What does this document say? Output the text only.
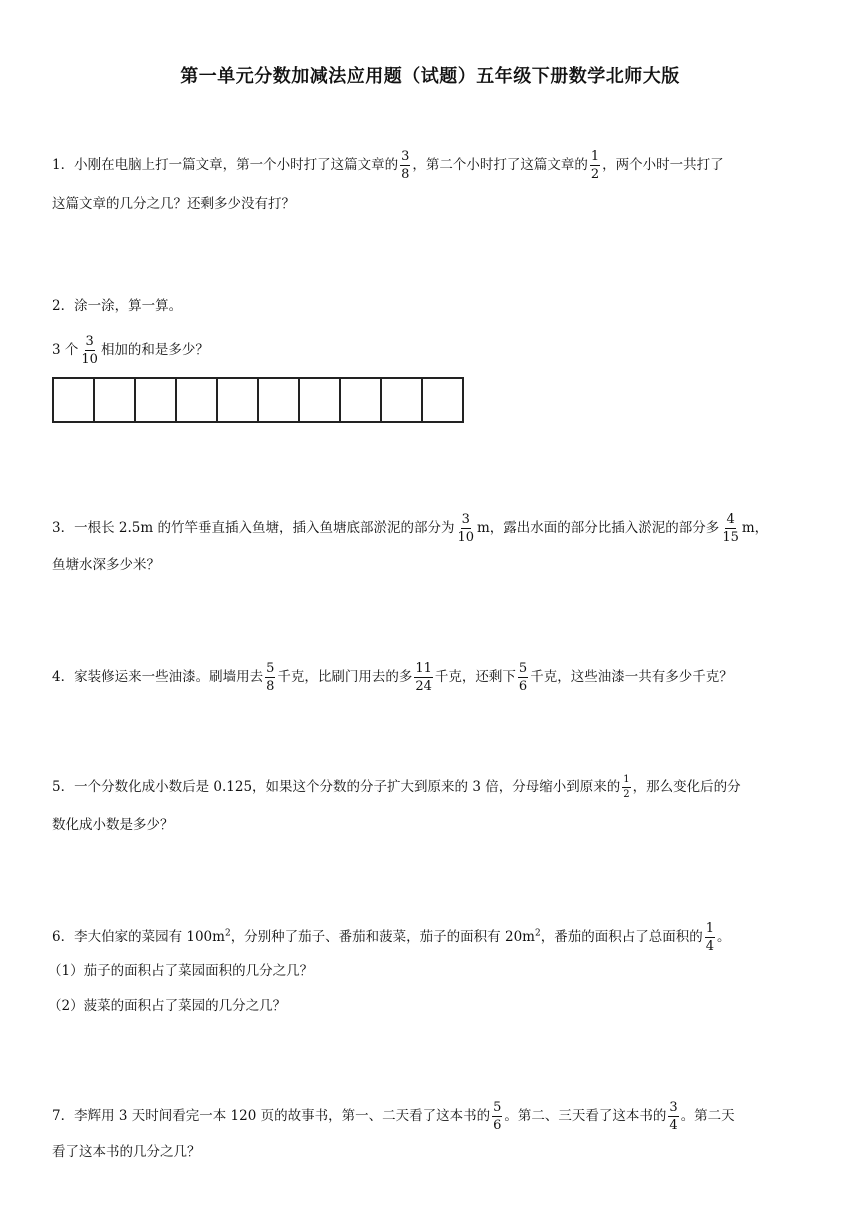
第一单元分数加减法应用题（试题）五年级下册数学北师大版
1．小刚在电脑上打一篇文章，第一个小时打了这篇文章的 $\frac{3}{8}$ ，第二个小时打了这篇文章的 $\frac{1}{2}$ ，两个小时一共打了
这篇文章的几分之几？还剩多少没有打？
2．涂一涂，算一算。
3 个 $\frac{3}{10}$ 相加的和是多少？
3．一根长 2.5m 的竹竿垂直插入鱼塘，插入鱼塘底部淤泥的部分为 $\frac{3}{10}$ m，露出水面的部分比插入淤泥的部分多 $\frac{4}{15}$ m，
鱼塘水深多少米？
4．家装修运来一些油漆。刷墙用去 $\frac{5}{8}$ 千克，比刷门用去的多 $\frac{11}{24}$ 千克，还剩下 $\frac{5}{6}$ 千克，这些油漆一共有多少千克？
5．一个分数化成小数后是 0.125，如果这个分数的分子扩大到原来的 3 倍，分母缩小到原来的 $\frac{1}{2}$ ，那么变化后的分
数化成小数是多少？
6．李大伯家的菜园有 $100m^2$，分别种了茄子、番茄和菠菜，茄子的面积有 $20m^2$，番茄的面积占了总面积的 $\frac{1}{4}$ 。
（1）茄子的面积占了菜园面积的几分之几？
（2）菠菜的面积占了菜园的几分之几？
7．李辉用 3 天时间看完一本 120 页的故事书，第一、二天看了这本书的 $\frac{5}{6}$ 。第二、三天看了这本书的 $\frac{3}{4}$ 。第二天
看了这本书的几分之几？
